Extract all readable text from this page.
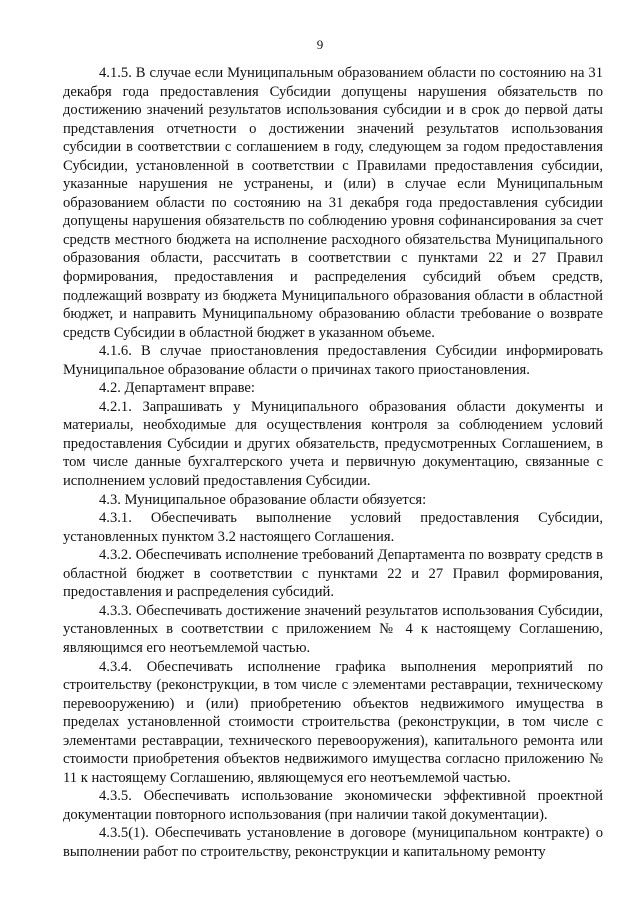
9

4.1.5. В случае если Муниципальным образованием области по состоянию на 31 декабря года предоставления Субсидии допущены нарушения обязательств по достижению значений результатов использования субсидии и в срок до первой даты представления отчетности о достижении значений результатов использования субсидии в соответствии с соглашением в году, следующем за годом предоставления Субсидии, установленной в соответствии с Правилами предоставления субсидии, указанные нарушения не устранены, и (или) в случае если Муниципальным образованием области по состоянию на 31 декабря года предоставления субсидии допущены нарушения обязательств по соблюдению уровня софинансирования за счет средств местного бюджета на исполнение расходного обязательства Муниципального образования области, рассчитать в соответствии с пунктами 22 и 27 Правил формирования, предоставления и распределения субсидий объем средств, подлежащий возврату из бюджета Муниципального образования области в областной бюджет, и направить Муниципальному образованию области требование о возврате средств Субсидии в областной бюджет в указанном объеме.

4.1.6. В случае приостановления предоставления Субсидии информировать Муниципальное образование области о причинах такого приостановления.

4.2. Департамент вправе:

4.2.1. Запрашивать у Муниципального образования области документы и материалы, необходимые для осуществления контроля за соблюдением условий предоставления Субсидии и других обязательств, предусмотренных Соглашением, в том числе данные бухгалтерского учета и первичную документацию, связанные с исполнением условий предоставления Субсидии.

4.3. Муниципальное образование области обязуется:

4.3.1. Обеспечивать выполнение условий предоставления Субсидии, установленных пунктом 3.2 настоящего Соглашения.

4.3.2. Обеспечивать исполнение требований Департамента по возврату средств в областной бюджет в соответствии с пунктами 22 и 27 Правил формирования, предоставления и распределения субсидий.

4.3.3. Обеспечивать достижение значений результатов использования Субсидии, установленных в соответствии с приложением № 4 к настоящему Соглашению, являющимся его неотъемлемой частью.

4.3.4. Обеспечивать исполнение графика выполнения мероприятий по строительству (реконструкции, в том числе с элементами реставрации, техническому перевооружению) и (или) приобретению объектов недвижимого имущества в пределах установленной стоимости строительства (реконструкции, в том числе с элементами реставрации, технического перевооружения), капитального ремонта или стоимости приобретения объектов недвижимого имущества согласно приложению № 11 к настоящему Соглашению, являющемуся его неотъемлемой частью.

4.3.5. Обеспечивать использование экономически эффективной проектной документации повторного использования (при наличии такой документации).

4.3.5(1). Обеспечивать установление в договоре (муниципальном контракте) о выполнении работ по строительству, реконструкции и капитальному ремонту
